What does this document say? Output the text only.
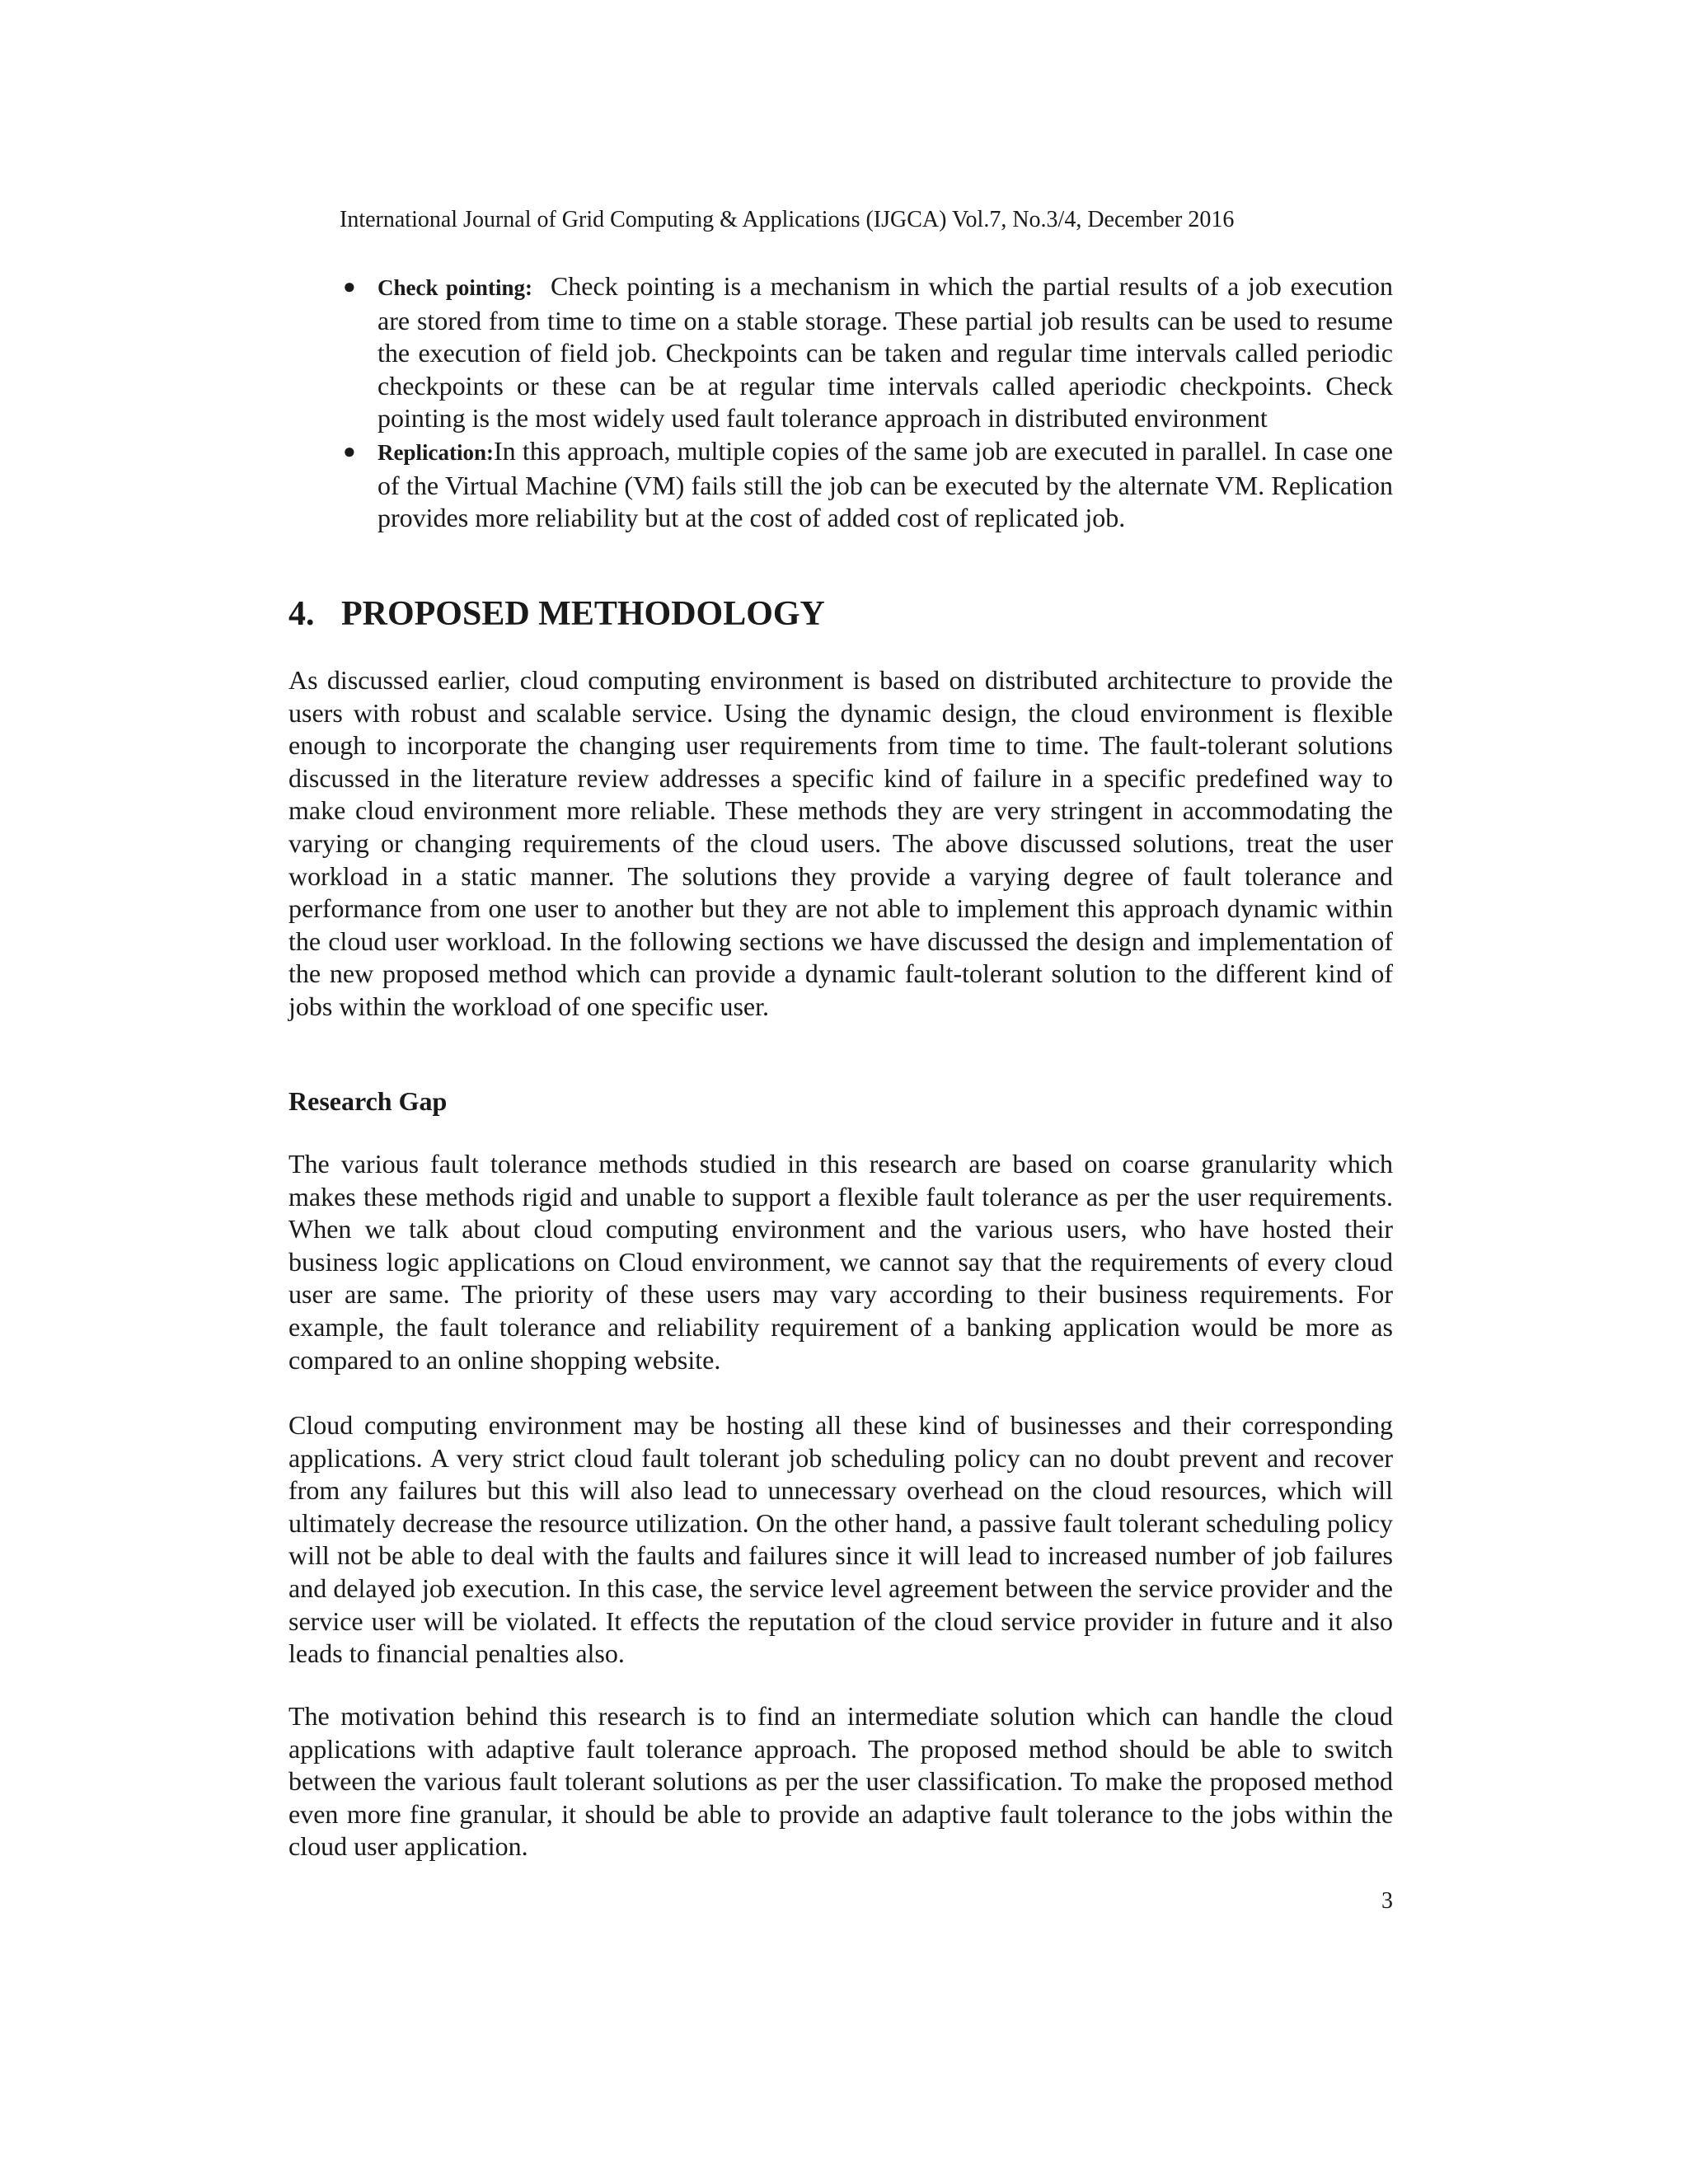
International Journal of Grid Computing & Applications (IJGCA) Vol.7, No.3/4, December 2016
● Check pointing: Check pointing is a mechanism in which the partial results of a job execution are stored from time to time on a stable storage. These partial job results can be used to resume the execution of field job. Checkpoints can be taken and regular time intervals called periodic checkpoints or these can be at regular time intervals called aperiodic checkpoints. Check pointing is the most widely used fault tolerance approach in distributed environment
● Replication:In this approach, multiple copies of the same job are executed in parallel. In case one of the Virtual Machine (VM) fails still the job can be executed by the alternate VM. Replication provides more reliability but at the cost of added cost of replicated job.
4. PROPOSED METHODOLOGY

As discussed earlier, cloud computing environment is based on distributed architecture to provide the users with robust and scalable service. Using the dynamic design, the cloud environment is flexible enough to incorporate the changing user requirements from time to time. The fault-tolerant solutions discussed in the literature review addresses a specific kind of failure in a specific predefined way to make cloud environment more reliable. These methods they are very stringent in accommodating the varying or changing requirements of the cloud users. The above discussed solutions, treat the user workload in a static manner. The solutions they provide a varying degree of fault tolerance and performance from one user to another but they are not able to implement this approach dynamic within the cloud user workload. In the following sections we have discussed the design and implementation of the new proposed method which can provide a dynamic fault-tolerant solution to the different kind of jobs within the workload of one specific user.

Research Gap

The various fault tolerance methods studied in this research are based on coarse granularity which makes these methods rigid and unable to support a flexible fault tolerance as per the user requirements. When we talk about cloud computing environment and the various users, who have hosted their business logic applications on Cloud environment, we cannot say that the requirements of every cloud user are same. The priority of these users may vary according to their business requirements. For example, the fault tolerance and reliability requirement of a banking application would be more as compared to an online shopping website.

Cloud computing environment may be hosting all these kind of businesses and their corresponding applications. A very strict cloud fault tolerant job scheduling policy can no doubt prevent and recover from any failures but this will also lead to unnecessary overhead on the cloud resources, which will ultimately decrease the resource utilization. On the other hand, a passive fault tolerant scheduling policy will not be able to deal with the faults and failures since it will lead to increased number of job failures and delayed job execution. In this case, the service level agreement between the service provider and the service user will be violated. It effects the reputation of the cloud service provider in future and it also leads to financial penalties also.

The motivation behind this research is to find an intermediate solution which can handle the cloud applications with adaptive fault tolerance approach. The proposed method should be able to switch between the various fault tolerant solutions as per the user classification. To make the proposed method even more fine granular, it should be able to provide an adaptive fault tolerance to the jobs within the cloud user application.

3
